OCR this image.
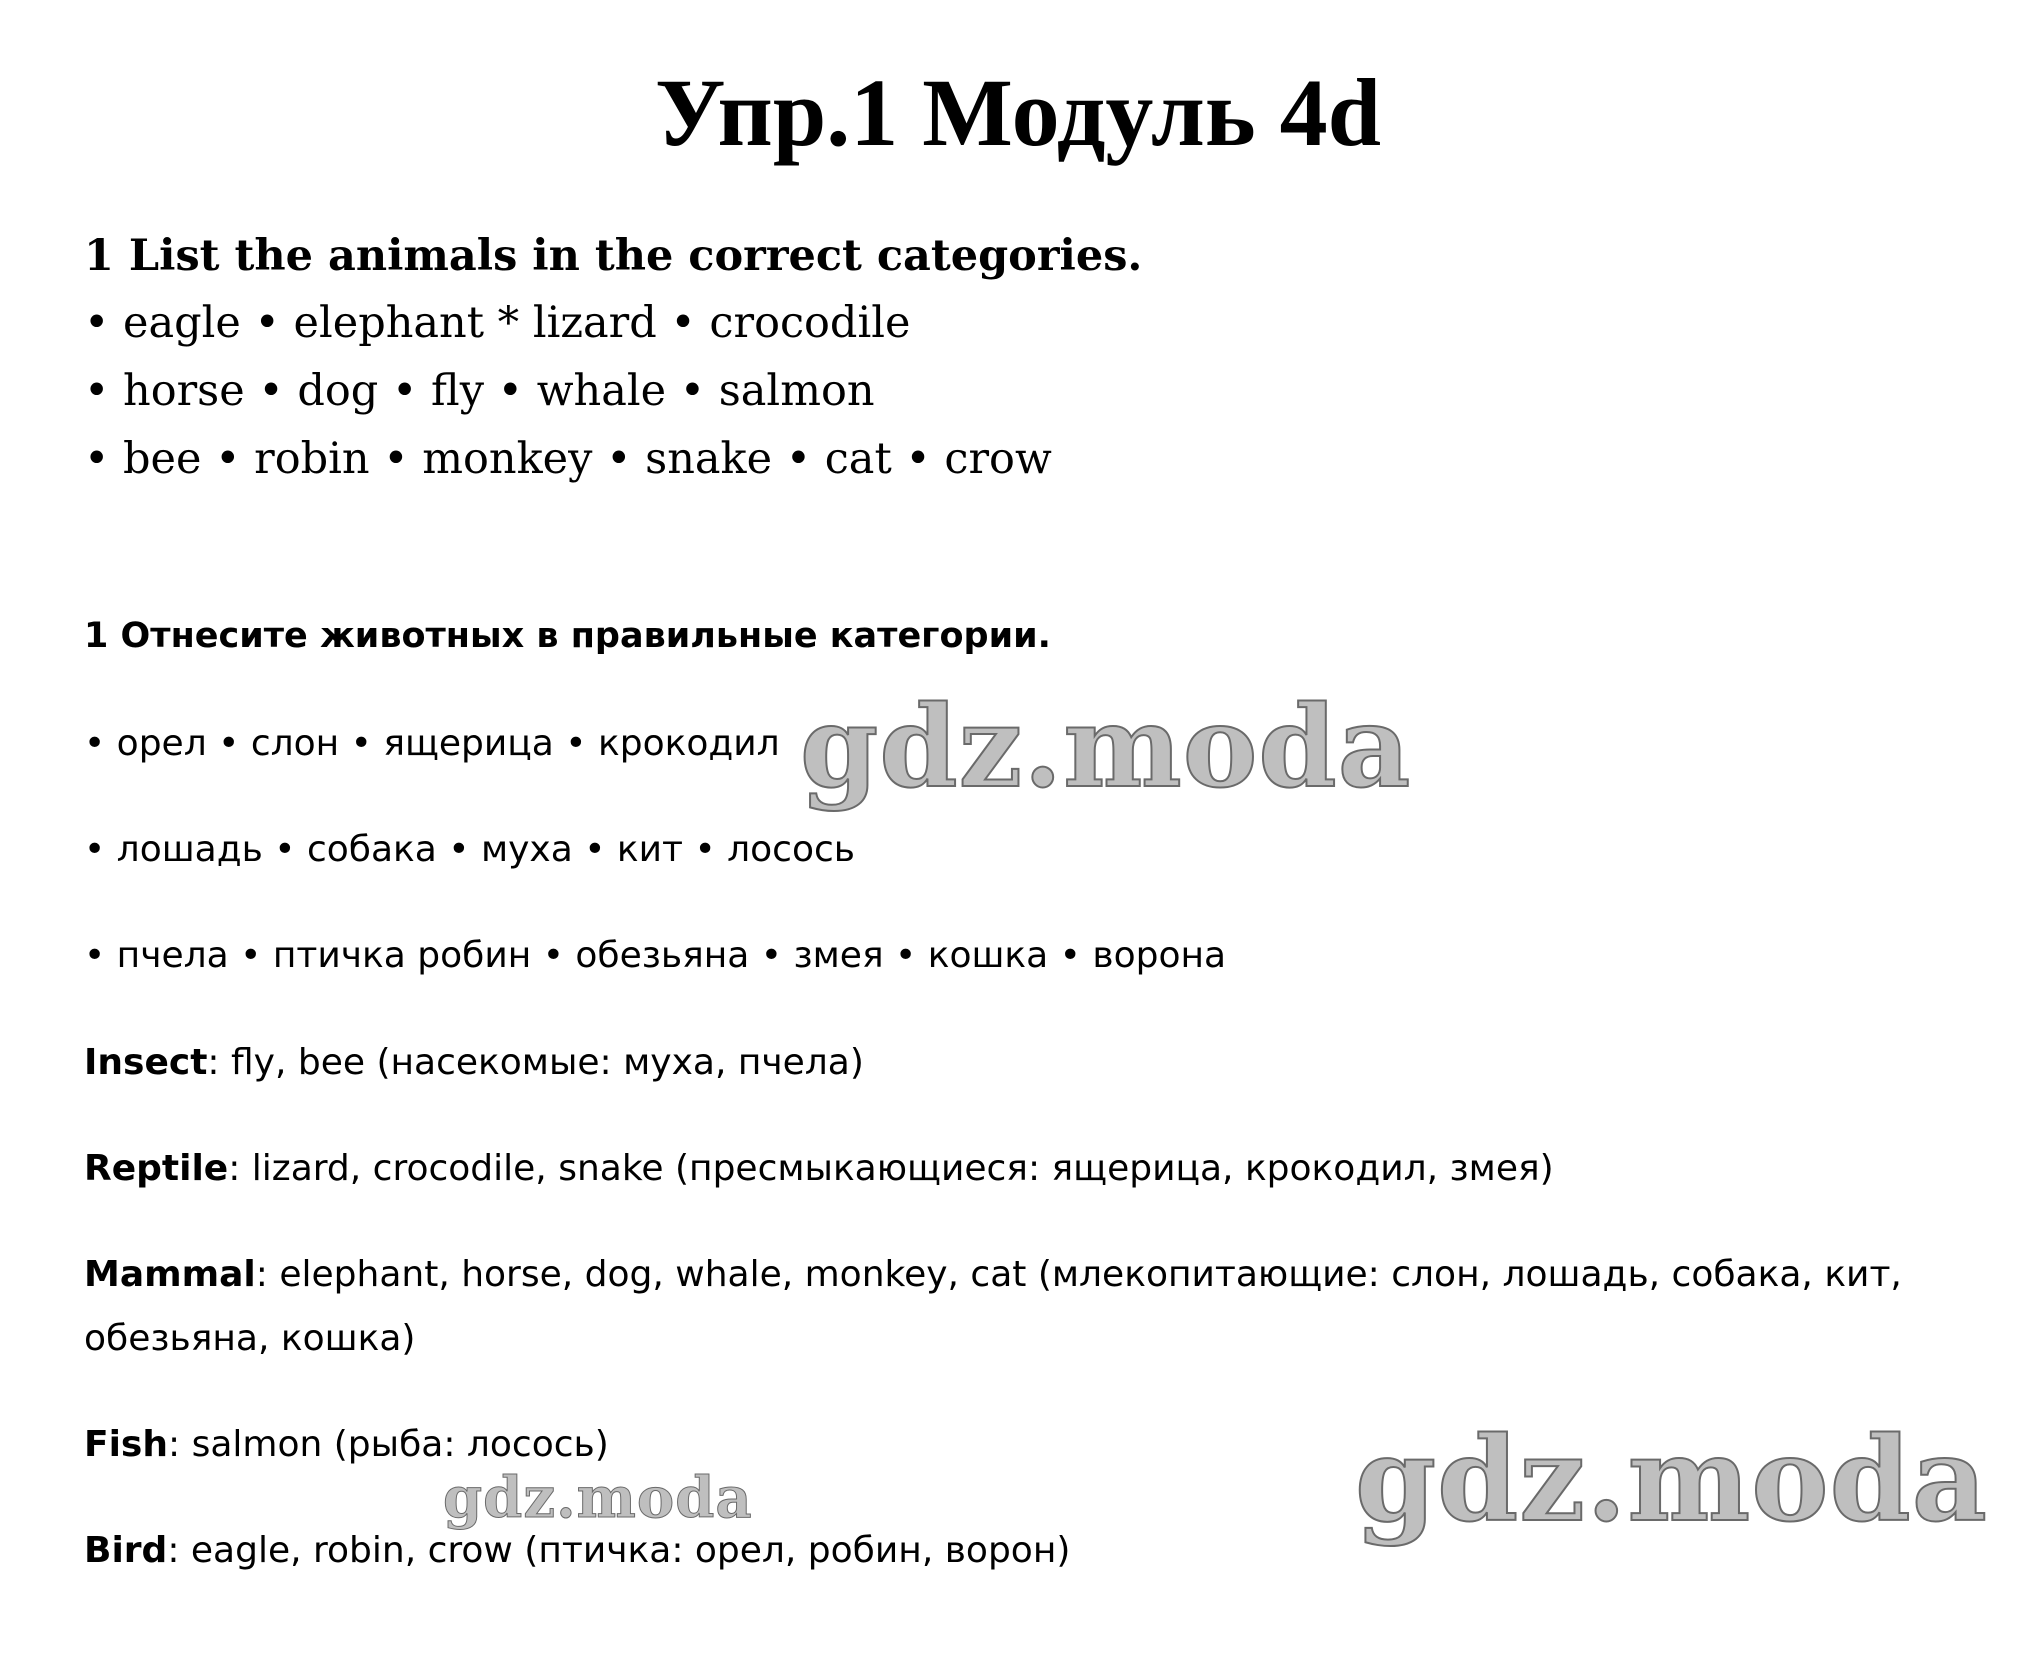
Упр.1 Модуль 4d

1 List the animals in the correct categories.

• eagle • elephant * lizard • crocodile

• horse • dog • fly • whale • salmon

• bee • robin • monkey • snake • cat • crow

1 Отнесите животных в правильные категории.

• орел • слон • ящерица • крокодил

• лошадь • собака • муха • кит • лосось

• пчела • птичка робин • обезьяна • змея • кошка • ворона

Insect: fly, bee (насекомые: муха, пчела)

Reptile: lizard, crocodile, snake (пресмыкающиеся: ящерица, крокодил, змея)

Mammal: elephant, horse, dog, whale, monkey, cat (млекопитающие: слон, лошадь, собака, кит,
обезьяна, кошка)

Fish: salmon (рыба: лосось)

Bird: eagle, robin, crow (птичка: орел, робин, ворон)

gdz.moda
gdz.moda	gdz.moda
